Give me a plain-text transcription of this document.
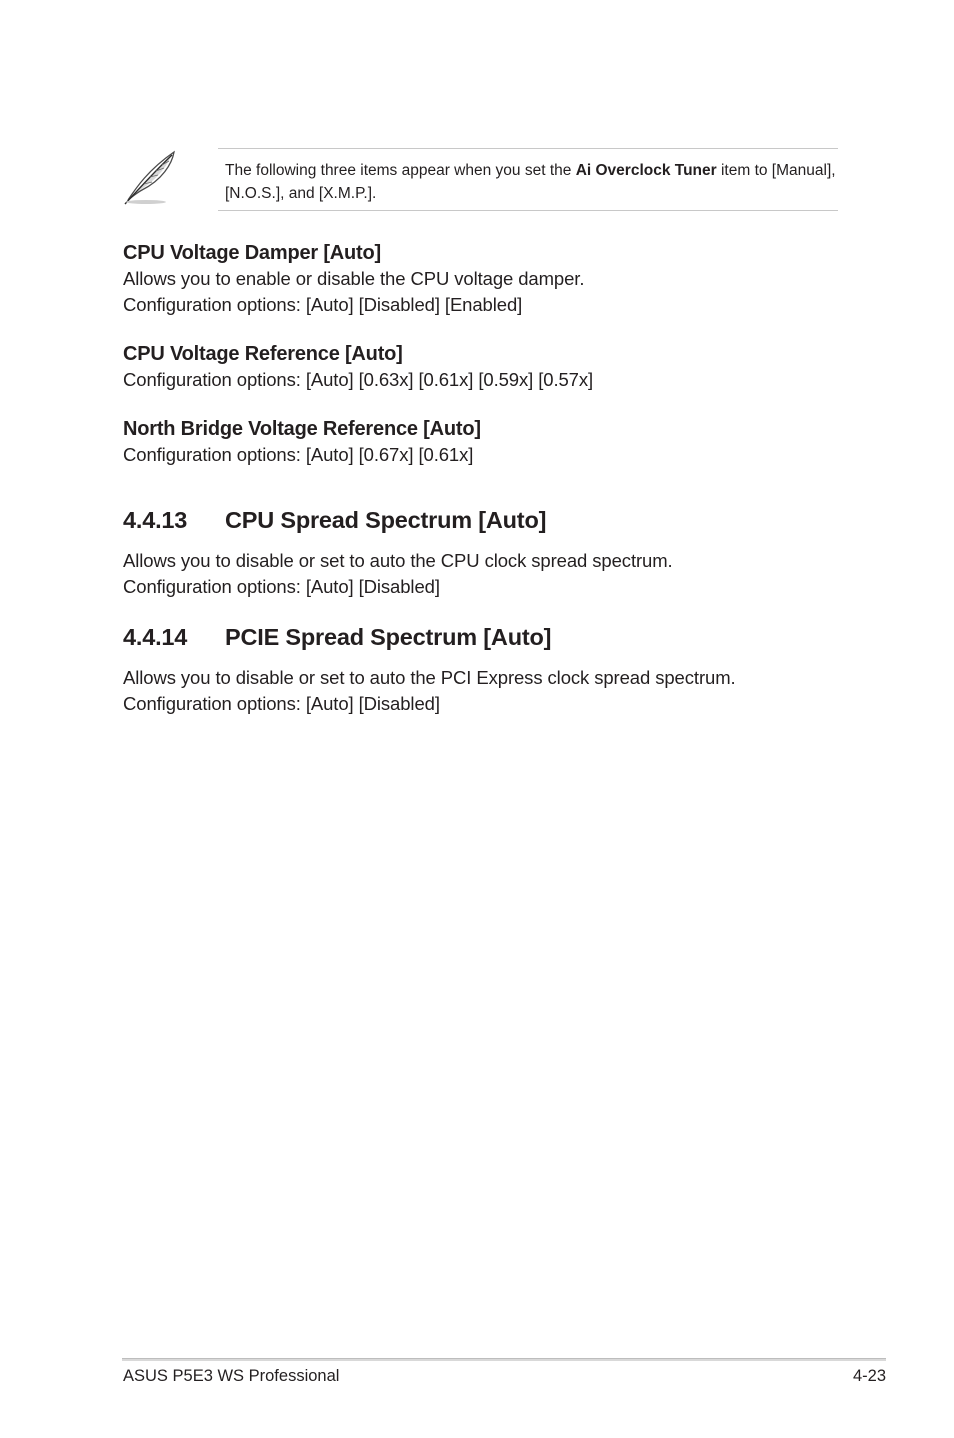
The following three items appear when you set the Ai Overclock Tuner item to [Manual], [N.O.S.], and [X.M.P.].
CPU Voltage Damper [Auto]
Allows you to enable or disable the CPU voltage damper.
Configuration options: [Auto] [Disabled] [Enabled]
CPU Voltage Reference [Auto]
Configuration options: [Auto] [0.63x] [0.61x] [0.59x] [0.57x]
North Bridge Voltage Reference [Auto]
Configuration options: [Auto] [0.67x] [0.61x]
4.4.13	CPU Spread Spectrum [Auto]
Allows you to disable or set to auto the CPU clock spread spectrum.
Configuration options: [Auto] [Disabled]
4.4.14	PCIE Spread Spectrum [Auto]
Allows you to disable or set to auto the PCI Express clock spread spectrum.
Configuration options: [Auto] [Disabled]
ASUS P5E3 WS Professional	4-23
